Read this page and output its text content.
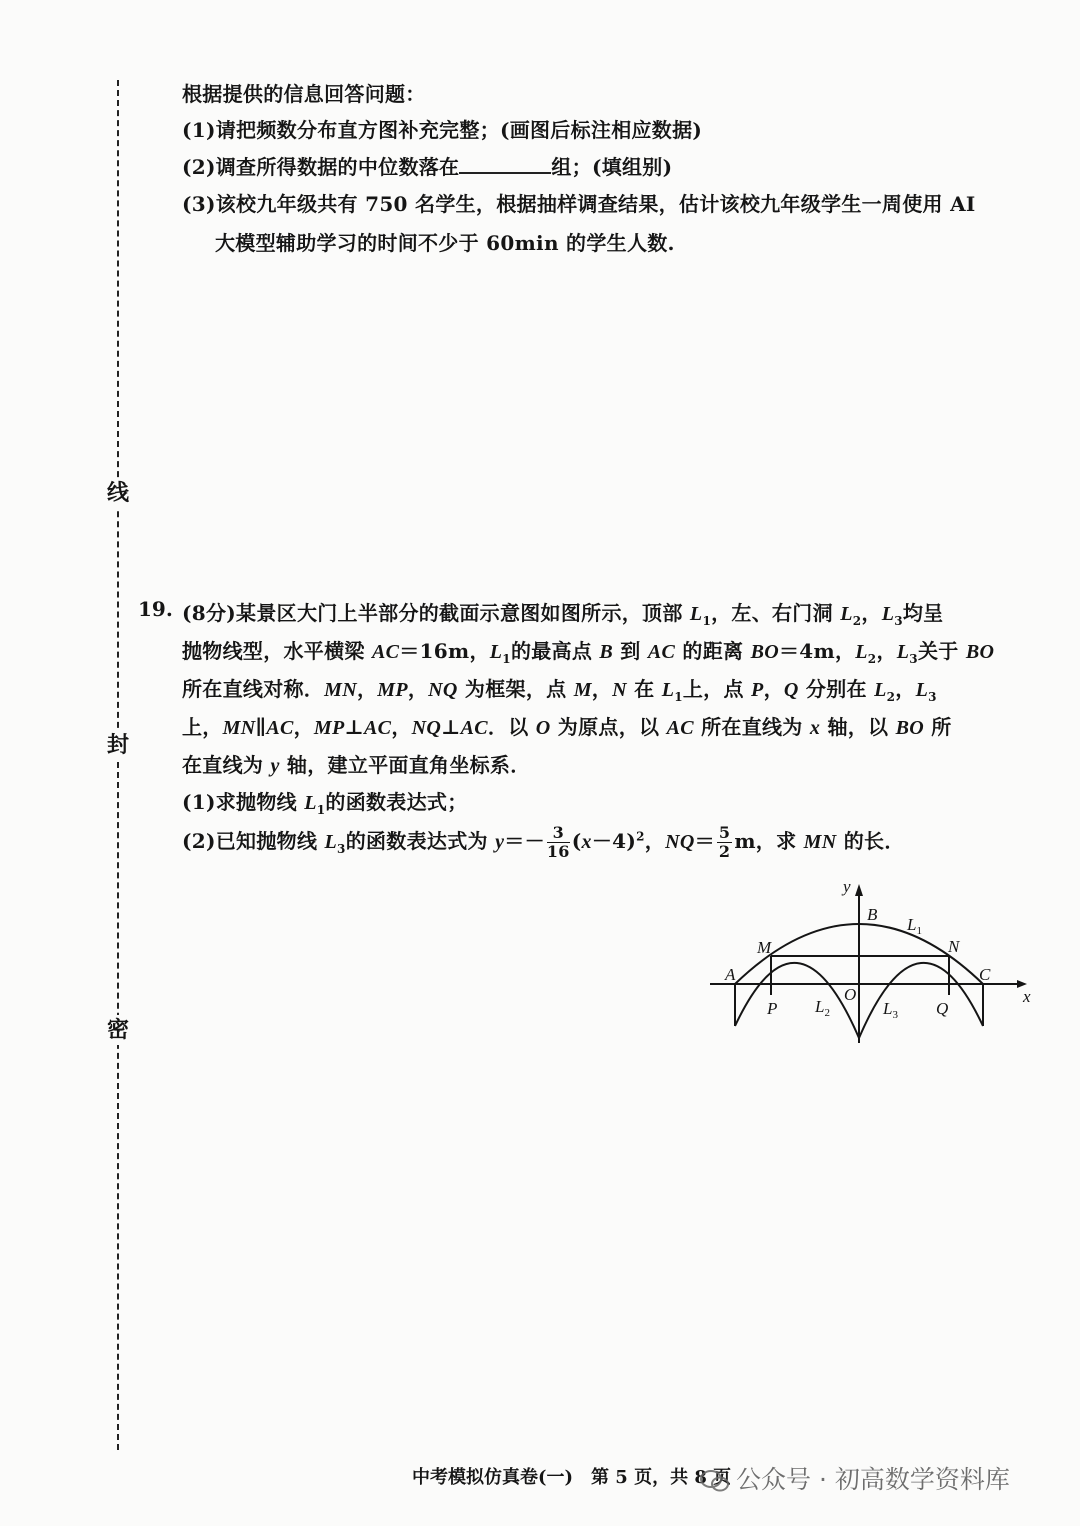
线
封
密
根据提供的信息回答问题：
(1)请把频数分布直方图补充完整；(画图后标注相应数据)
(2)调查所得数据的中位数落在	组；(填组别)
(3)该校九年级共有 750 名学生，根据抽样调查结果，估计该校九年级学生一周使用 AI
大模型辅助学习的时间不少于 60min 的学生人数.
19. (8分)某景区大门上半部分的截面示意图如图所示，顶部 $L_1$，左、右门洞 $L_2$，$L_3$均呈
抛物线型，水平横梁 AC＝16m，$L_1$的最高点 B 到 AC 的距离 BO＝4m，$L_2$，$L_3$关于 BO
所在直线对称．MN，MP，NQ 为框架，点 M，N 在 $L_1$上，点 P，Q 分别在 $L_2$，$L_3$
上，MN∥AC，MP⊥AC，NQ⊥AC．以 O 为原点，以 AC 所在直线为 x 轴，以 BO 所
在直线为 y 轴，建立平面直角坐标系．
(1)求抛物线 $L_1$的函数表达式；
(2)已知抛物线 $L_3$的函数表达式为 $y=- \frac{3}{16} (x-4)^2$，$NQ= \frac{5}{2}$ m，求 MN 的长．
y
x
B
$L_1$
M	N
A	C
O
P	Q
$L_2$	$L_3$
中考模拟仿真卷(一)　第 5 页，共 8 页 公众号 · 初高数学资料库
